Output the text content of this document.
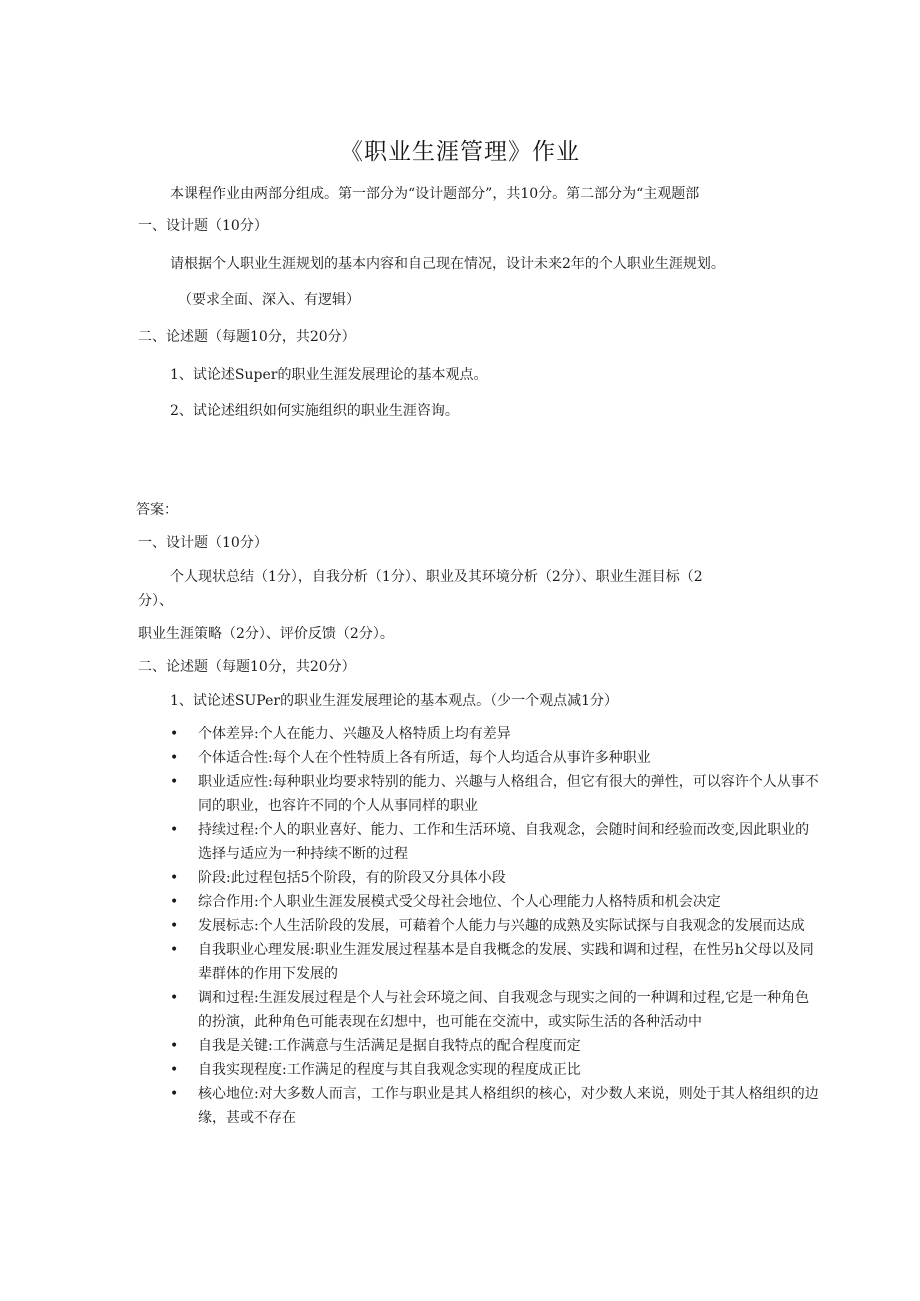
《职业生涯管理》作业
本课程作业由两部分组成。第一部分为“设计题部分”，共10分。第二部分为“主观题部
一、设计题（10分）
请根据个人职业生涯规划的基本内容和自己现在情况，设计未来2年的个人职业生涯规划。
（要求全面、深入、有逻辑）
二、论述题（每题10分，共20分）
1、试论述Super的职业生涯发展理论的基本观点。
2、试论述组织如何实施组织的职业生涯咨询。
答案：
一、设计题（10分）
个人现状总结（1分），自我分析（1分）、职业及其环境分析（2分）、职业生涯目标（2
分）、
职业生涯策略（2分）、评价反馈（2分）。
二、论述题（每题10分，共20分）
1、试论述SUPer的职业生涯发展理论的基本观点。（少一个观点减1分）
•	个体差异:个人在能力、兴趣及人格特质上均有差异
•	个体适合性:每个人在个性特质上各有所适，每个人均适合从事许多种职业
•	职业适应性:每种职业均要求特别的能力、兴趣与人格组合，但它有很大的弹性，可以容许个人从事不同的职业，也容许不同的个人从事同样的职业
•	持续过程:个人的职业喜好、能力、工作和生活环境、自我观念，会随时间和经验而改变,因此职业的选择与适应为一种持续不断的过程
•	阶段:此过程包括5个阶段，有的阶段又分具体小段
•	综合作用:个人职业生涯发展模式受父母社会地位、个人心理能力人格特质和机会决定
•	发展标志:个人生活阶段的发展，可藉着个人能力与兴趣的成熟及实际试探与自我观念的发展而达成
•	自我职业心理发展:职业生涯发展过程基本是自我概念的发展、实践和调和过程，在性另h父母以及同辈群体的作用下发展的
•	调和过程:生涯发展过程是个人与社会环境之间、自我观念与现实之间的一种调和过程,它是一种角色的扮演，此种角色可能表现在幻想中，也可能在交流中，或实际生活的各种活动中
•	自我是关键:工作满意与生活满足是据自我特点的配合程度而定
•	自我实现程度:工作满足的程度与其自我观念实现的程度成正比
•	核心地位:对大多数人而言，工作与职业是其人格组织的核心，对少数人来说，则处于其人格组织的边缘，甚或不存在
